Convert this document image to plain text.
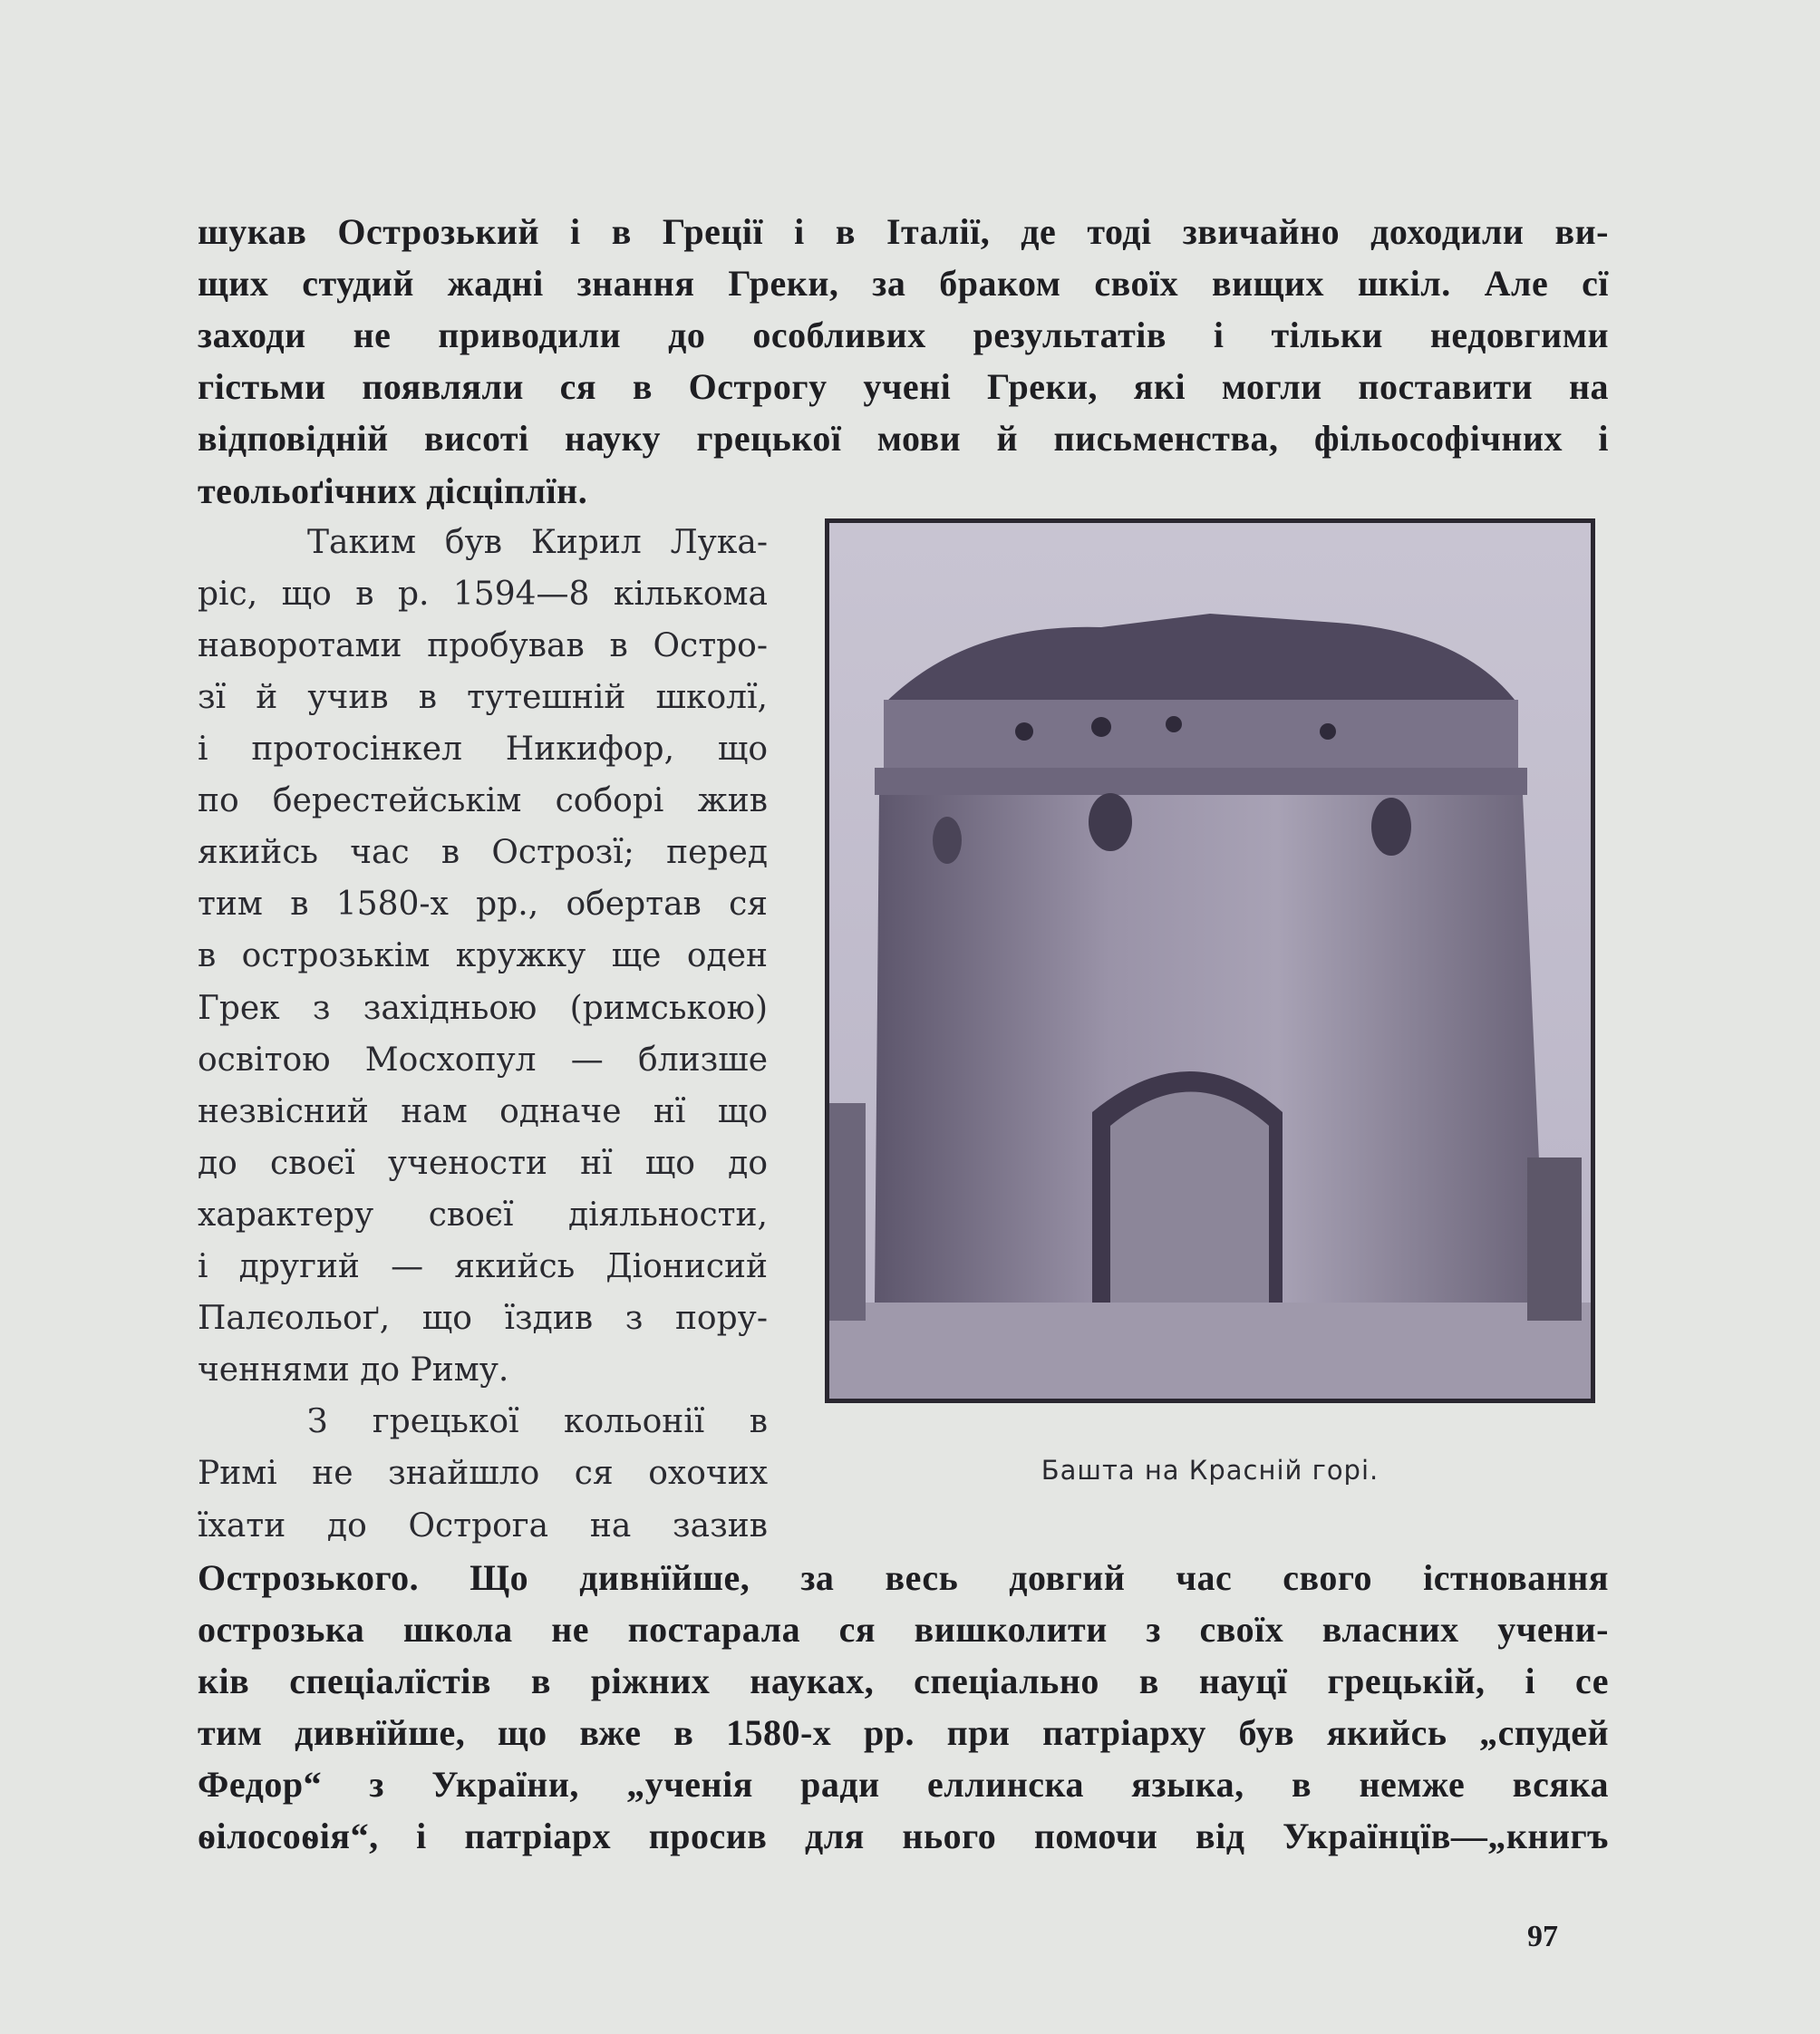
шукав Острозький і в Греції і в Італії, де тоді звичайно доходили ви-
щих студий жадні знання Греки, за браком своїх вищих шкіл. Але сї
заходи не приводили до особливих результатів і тільки недовгими
гістьми появляли ся в Острогу учені Греки, які могли поставити на
відповідній висоті науку грецької мови й письменства, фільософічних і
теольоґічних дісціплїн.
Таким був Кирил Лука-
ріс, що в р. 1594—8 кількома
наворотами пробував в Остро-
зї й учив в тутешній школї,
і протосінкел Никифор, що
по берестейськім соборі жив
якийсь час в Острозї; перед
тим в 1580-х рр., обертав ся
в острозькім кружку ще оден
Грек з західньою (римською)
освітою Мосхопул — близше
незвісний нам одначе нї що
до своєї учености нї що до
характеру своєї діяльности,
і другий — якийсь Діонисий
Палєольоґ, що їздив з пору-
ченнями до Риму.
З грецької кольонії в
Римі не знайшло ся охочих
їхати до Острога на зазив
Острозького. Що дивнїйше, за весь довгий час свого істновання
острозька школа не постарала ся вишколити з своїх власних учени-
ків спеціалїстів в ріжних науках, спеціально в науцї грецькій, і се
тим дивнїйше, що вже в 1580-х рр. при патріарху був якийсь „спудей
Федор“ з України, „ученія ради еллинска языка, в немже всяка
ѳілосоѳія“, і патріарх просив для нього помочи від Українцїв—„книгъ
Башта на Красній горі.
97
